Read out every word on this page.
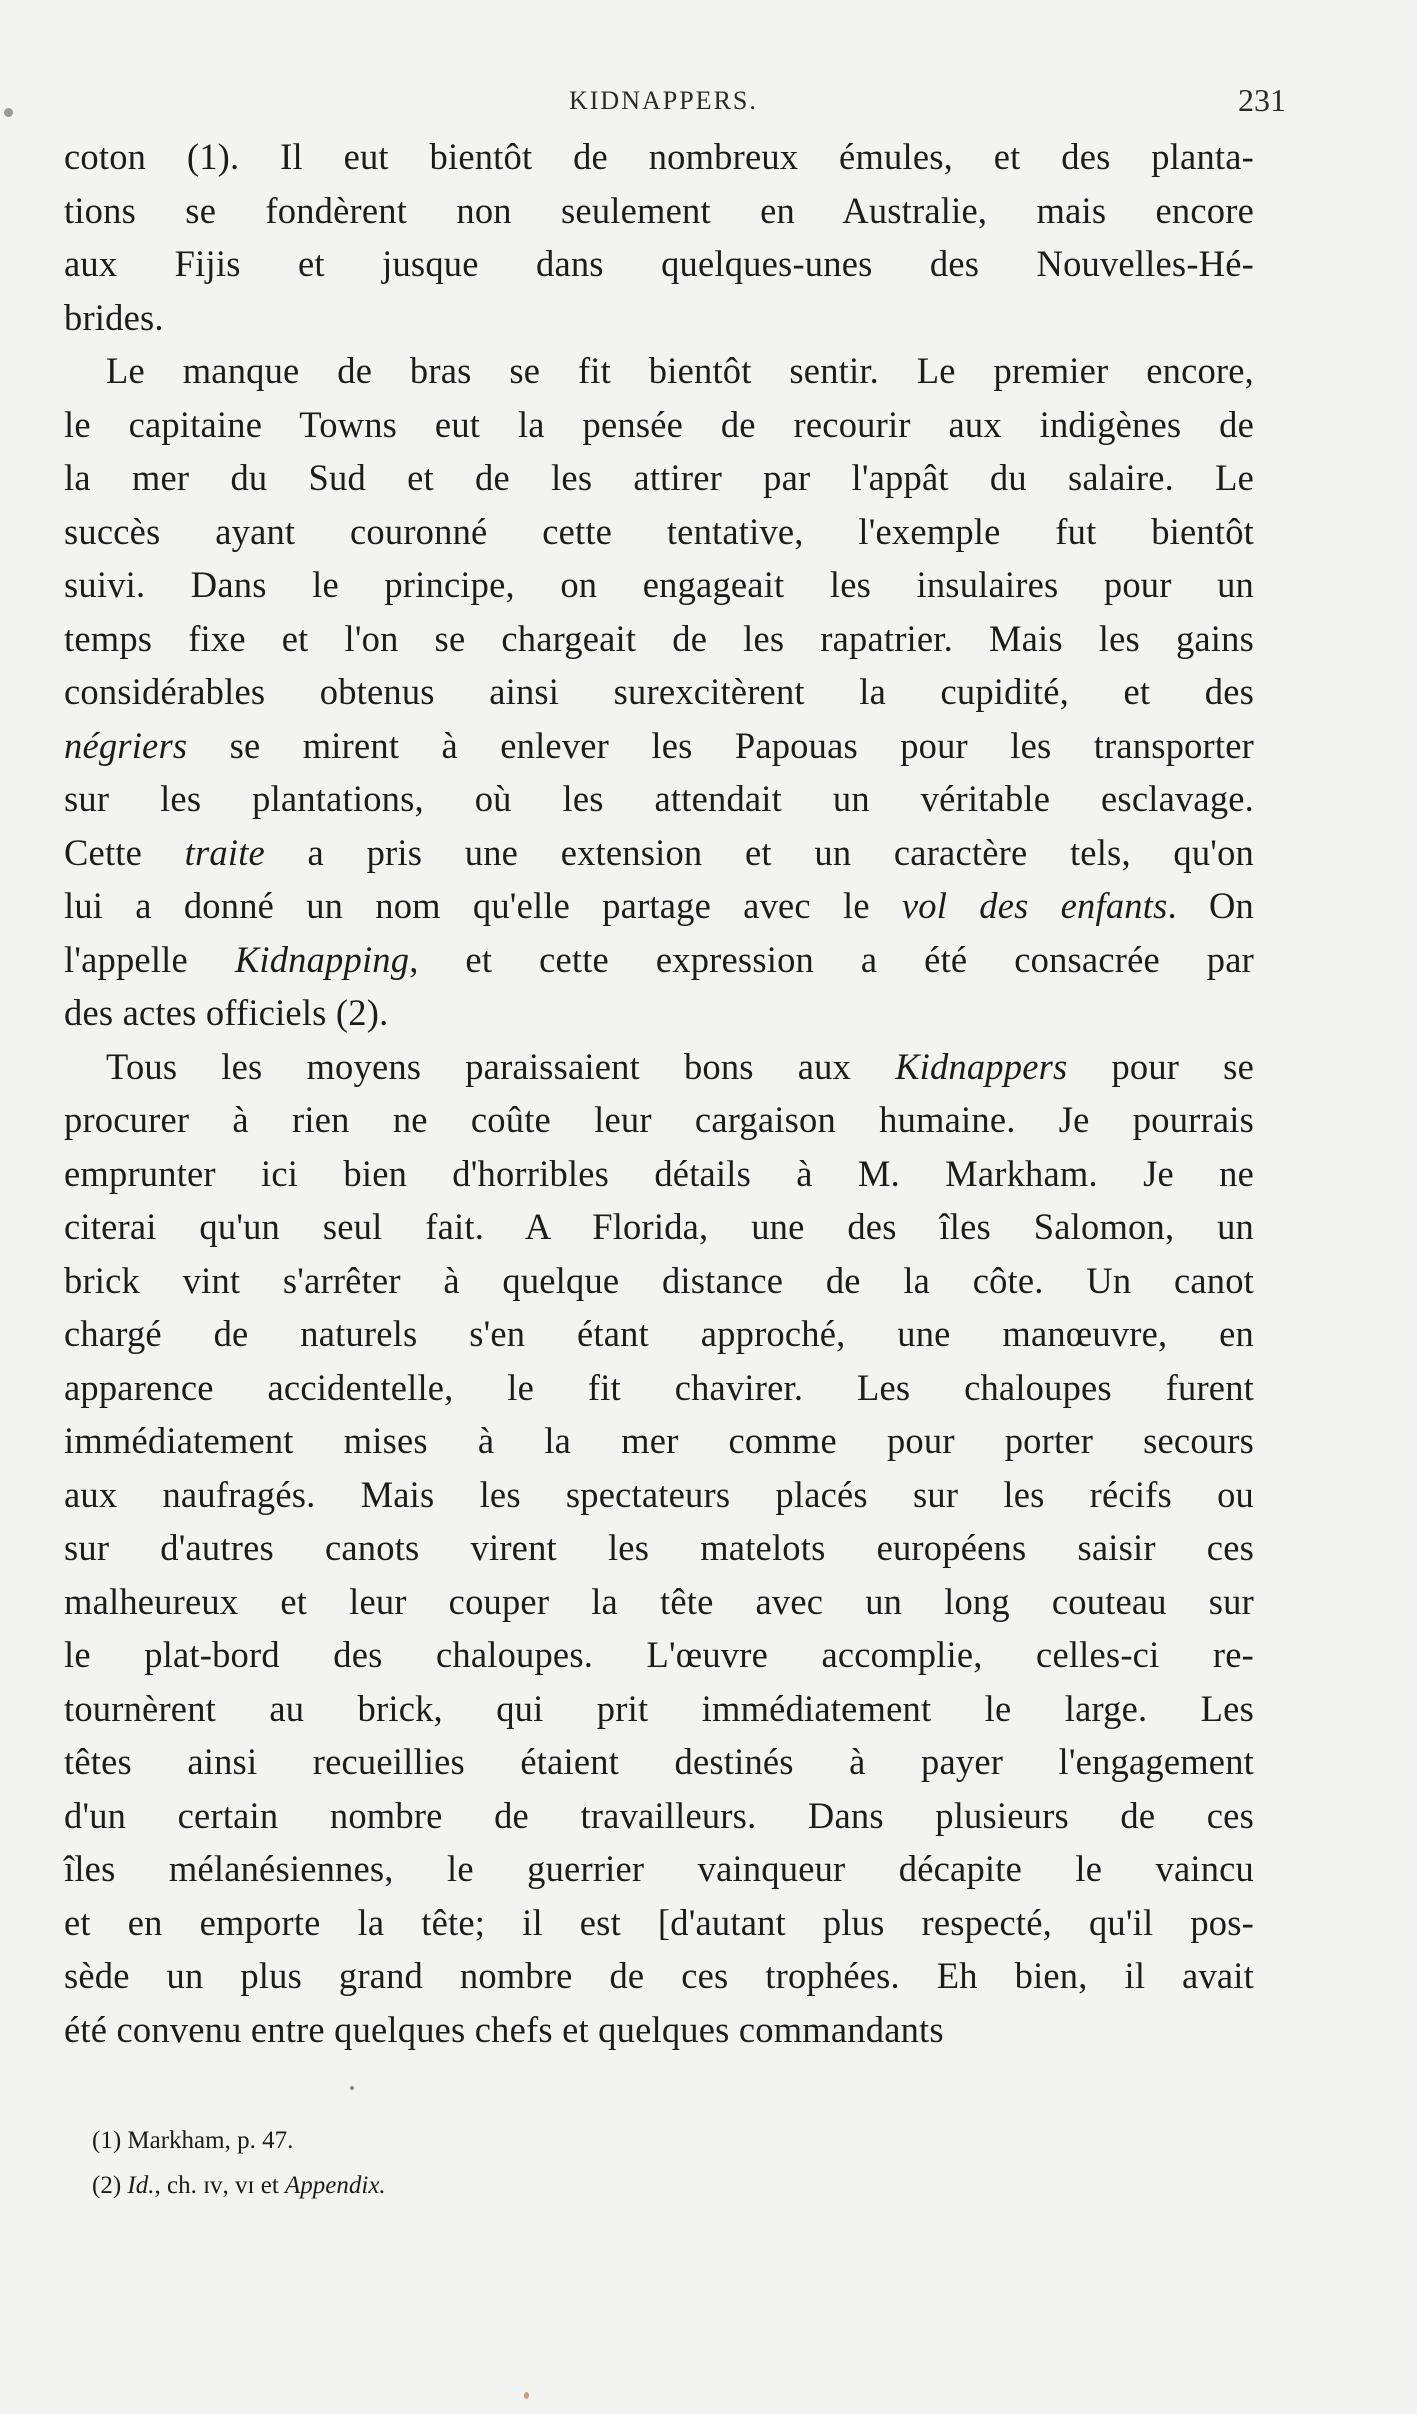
KIDNAPPERS.	231

coton (1). Il eut bientôt de nombreux émules, et des planta-
tions se fondèrent non seulement en Australie, mais encore
aux Fijis et jusque dans quelques-unes des Nouvelles-Hé-
brides.

Le manque de bras se fit bientôt sentir. Le premier encore,
le capitaine Towns eut la pensée de recourir aux indigènes de
la mer du Sud et de les attirer par l'appât du salaire. Le
succès ayant couronné cette tentative, l'exemple fut bientôt
suivi. Dans le principe, on engageait les insulaires pour un
temps fixe et l'on se chargeait de les rapatrier. Mais les gains
considérables obtenus ainsi surexcitèrent la cupidité, et des
négriers se mirent à enlever les Papouas pour les transporter
sur les plantations, où les attendait un véritable esclavage.
Cette traite a pris une extension et un caractère tels, qu'on
lui a donné un nom qu'elle partage avec le vol des enfants. On
l'appelle Kidnapping, et cette expression a été consacrée par
des actes officiels (2).

Tous les moyens paraissaient bons aux Kidnappers pour se
procurer à rien ne coûte leur cargaison humaine. Je pourrais
emprunter ici bien d'horribles détails à M. Markham. Je ne
citerai qu'un seul fait. A Florida, une des îles Salomon, un
brick vint s'arrêter à quelque distance de la côte. Un canot
chargé de naturels s'en étant approché, une manœuvre, en
apparence accidentelle, le fit chavirer. Les chaloupes furent
immédiatement mises à la mer comme pour porter secours
aux naufragés. Mais les spectateurs placés sur les récifs ou
sur d'autres canots virent les matelots européens saisir ces
malheureux et leur couper la tête avec un long couteau sur
le plat-bord des chaloupes. L'œuvre accomplie, celles-ci re-
tournèrent au brick, qui prit immédiatement le large. Les
têtes ainsi recueillies étaient destinés à payer l'engagement
d'un certain nombre de travailleurs. Dans plusieurs de ces
îles mélanésiennes, le guerrier vainqueur décapite le vaincu
et en emporte la tête; il est [d'autant plus respecté, qu'il pos-
sède un plus grand nombre de ces trophées. Eh bien, il avait
été convenu entre quelques chefs et quelques commandants

(1) Markham, p. 47.
(2) Id., ch. ɪᴠ, ᴠɪ et Appendix.
